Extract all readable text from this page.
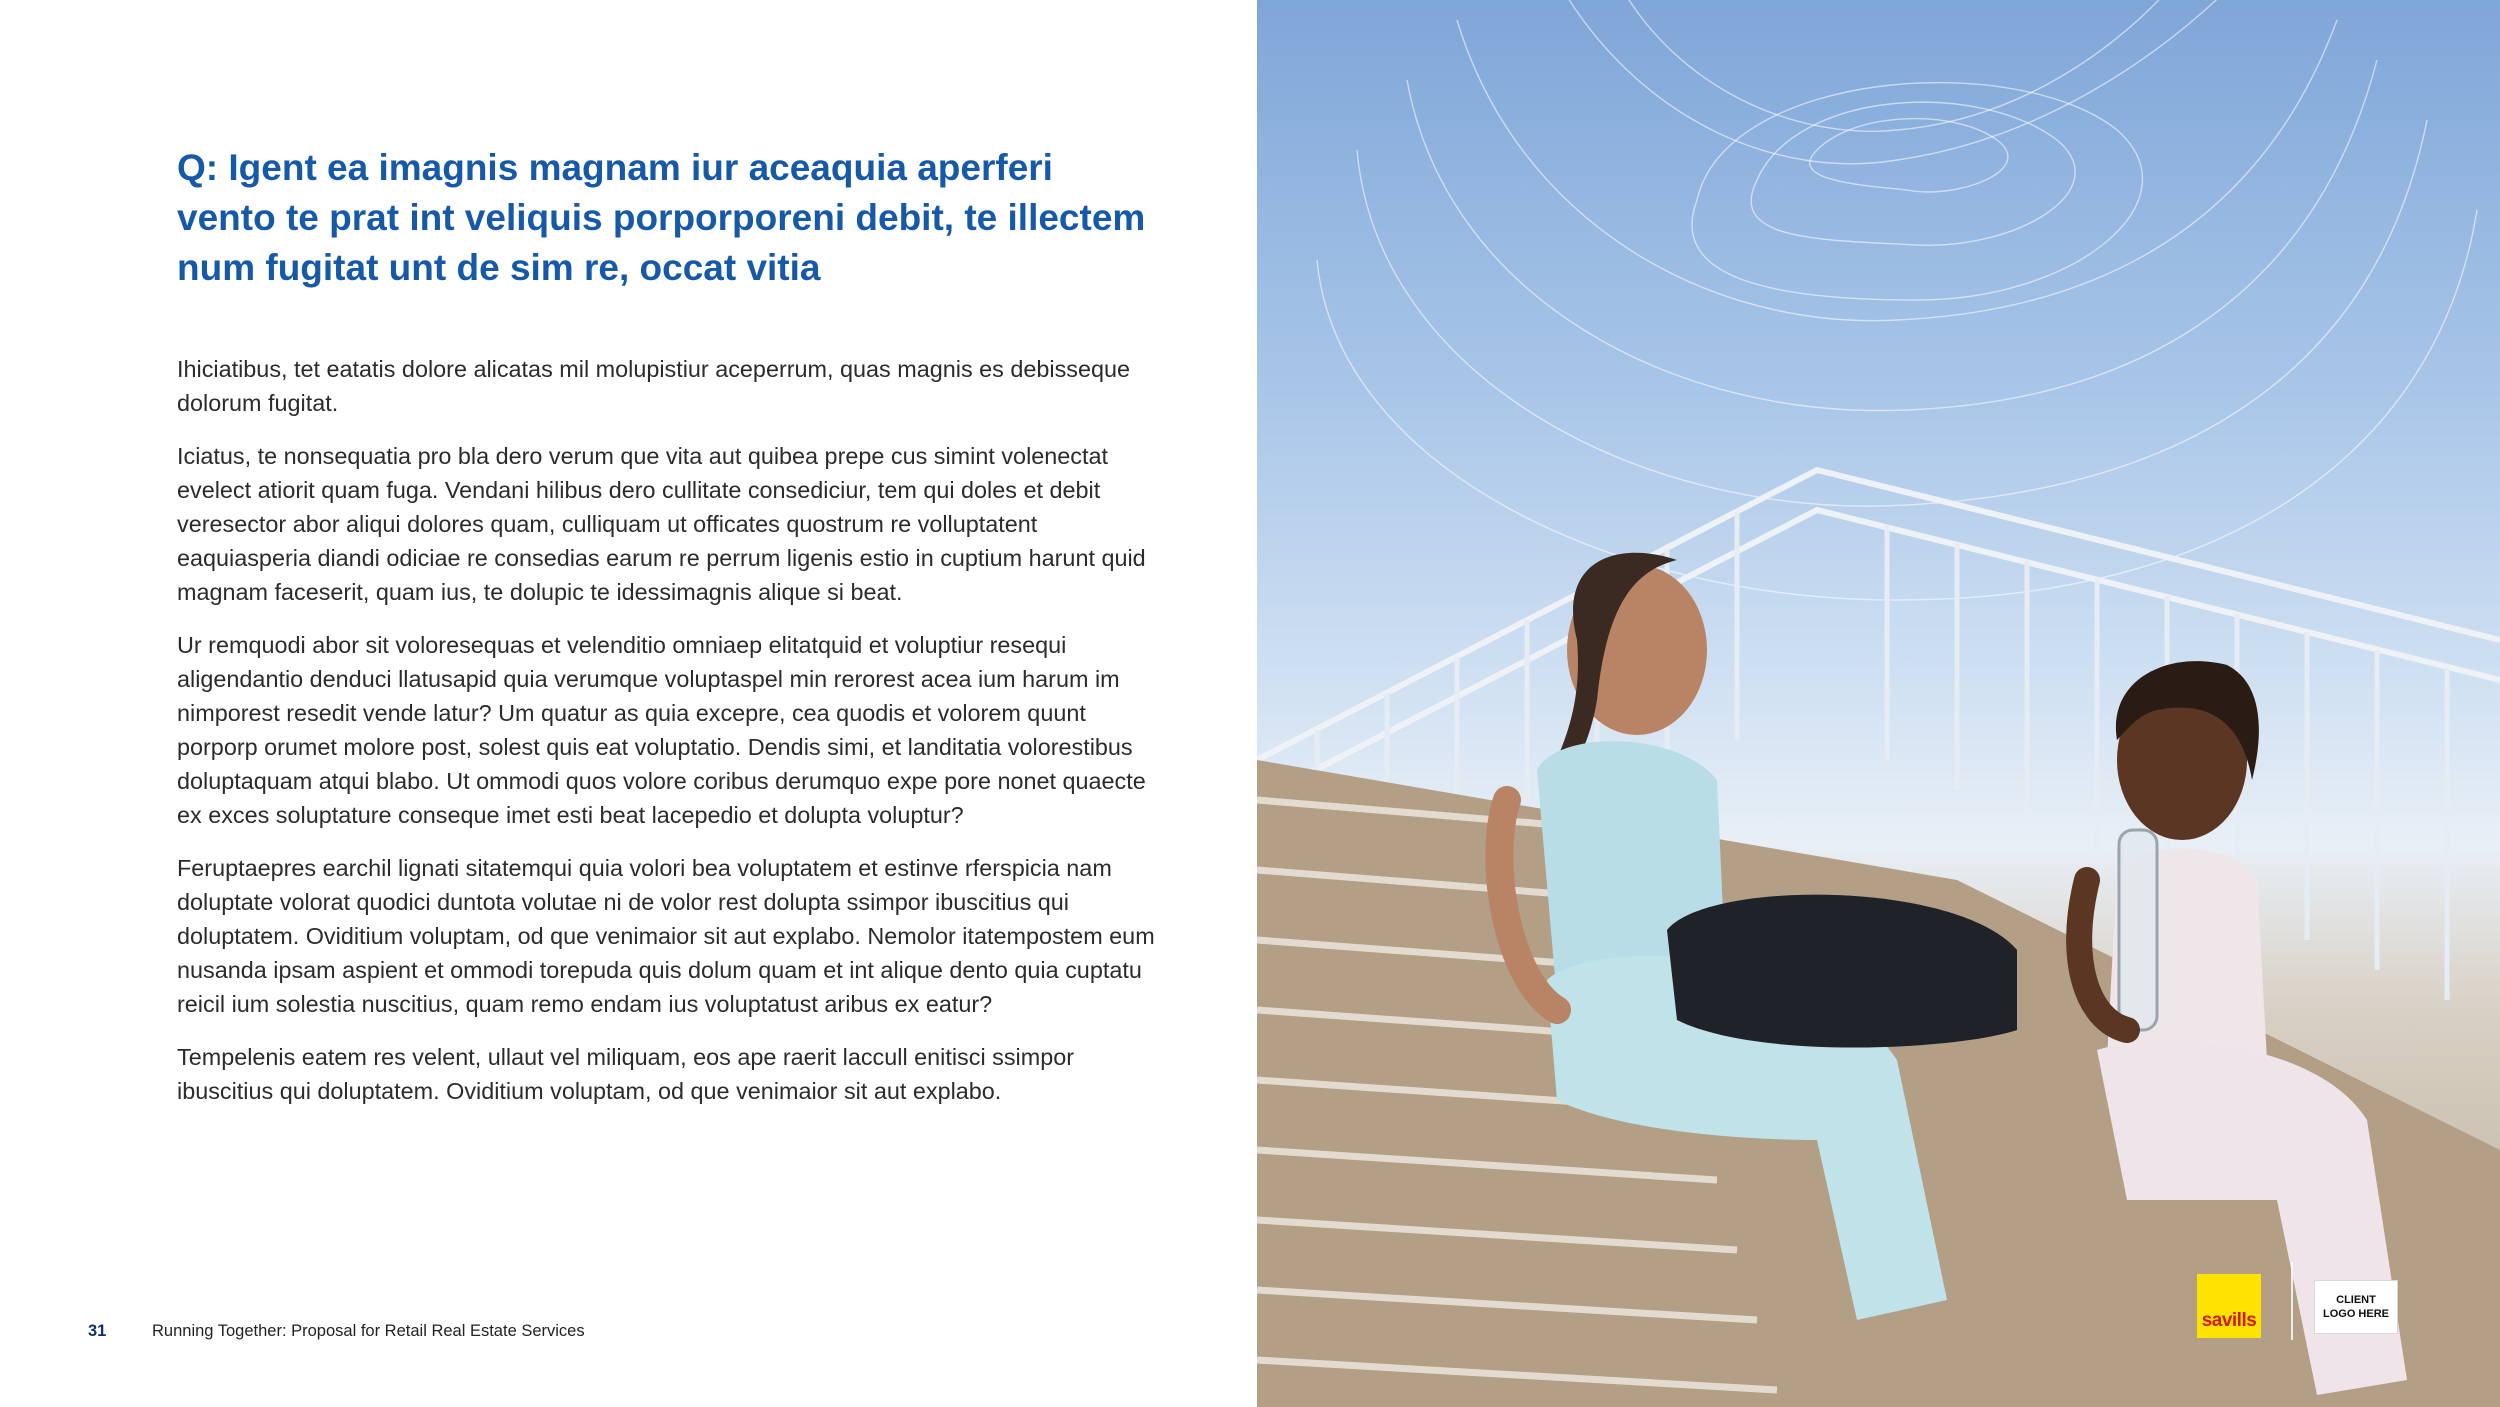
Q: Igent ea imagnis magnam iur aceaquia aperferi vento te prat int veliquis porporporeni debit, te illectem num fugitat unt de sim re, occat vitia

Ihiciatibus, tet eatatis dolore alicatas mil molupistiur aceperrum, quas magnis es debisseque dolorum fugitat.

Iciatus, te nonsequatia pro bla dero verum que vita aut quibea prepe cus simint volenectat evelect atiorit quam fuga. Vendani hilibus dero cullitate consediciur, tem qui doles et debit veresector abor aliqui dolores quam, culliquam ut officates quostrum re volluptatent eaquiasperia diandi odiciae re consedias earum re perrum ligenis estio in cuptium harunt quid magnam faceserit, quam ius, te dolupic te idessimagnis alique si beat.

Ur remquodi abor sit voloresequas et velenditio omniaep elitatquid et voluptiur resequi aligendantio denduci llatusapid quia verumque voluptaspel min rerorest acea ium harum im nimporest resedit vende latur? Um quatur as quia excepre, cea quodis et volorem quunt porporp orumet molore post, solest quis eat voluptatio. Dendis simi, et landitatia volorestibus doluptaquam atqui blabo. Ut ommodi quos volore coribus derumquo expe pore nonet quaecte ex exces soluptature conseque imet esti beat lacepedio et dolupta voluptur?

Feruptaepres earchil lignati sitatemqui quia volori bea voluptatem et estinve rferspicia nam doluptate volorat quodici duntota volutae ni de volor rest dolupta ssimpor ibuscitius qui doluptatem. Oviditium voluptam, od que venimaior sit aut explabo. Nemolor itatempostem eum nusanda ipsam aspient et ommodi torepuda quis dolum quam et int alique dento quia cuptatu reicil ium solestia nuscitius, quam remo endam ius voluptatust aribus ex eatur?

Tempelenis eatem res velent, ullaut vel miliquam, eos ape raerit laccull enitisci ssimpor ibuscitius qui doluptatem. Oviditium voluptam, od que venimaior sit aut explabo.

31	Running Together: Proposal for Retail Real Estate Services	savills
CLIENT
LOGO HERE
